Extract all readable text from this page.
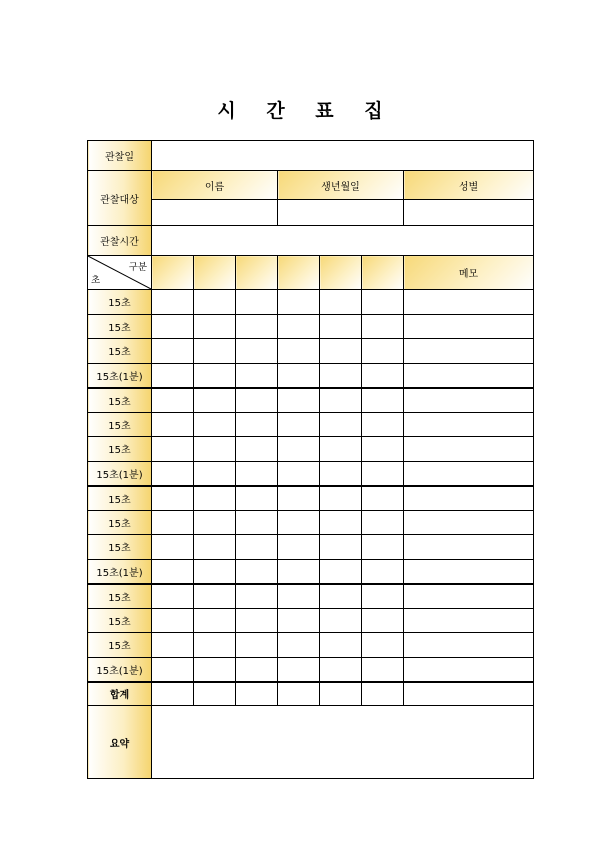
시 간 표 집
관찰일							
관찰대상	이름			생년월일			성별

관찰시간							

구분
초							메모
15초							
15초							
15초							
15초(1분)							
15초							
15초							
15초							
15초(1분)							
15초							
15초							
15초							
15초(1분)							
15초							
15초							
15초							
15초(1분)							
합계							
요약							
